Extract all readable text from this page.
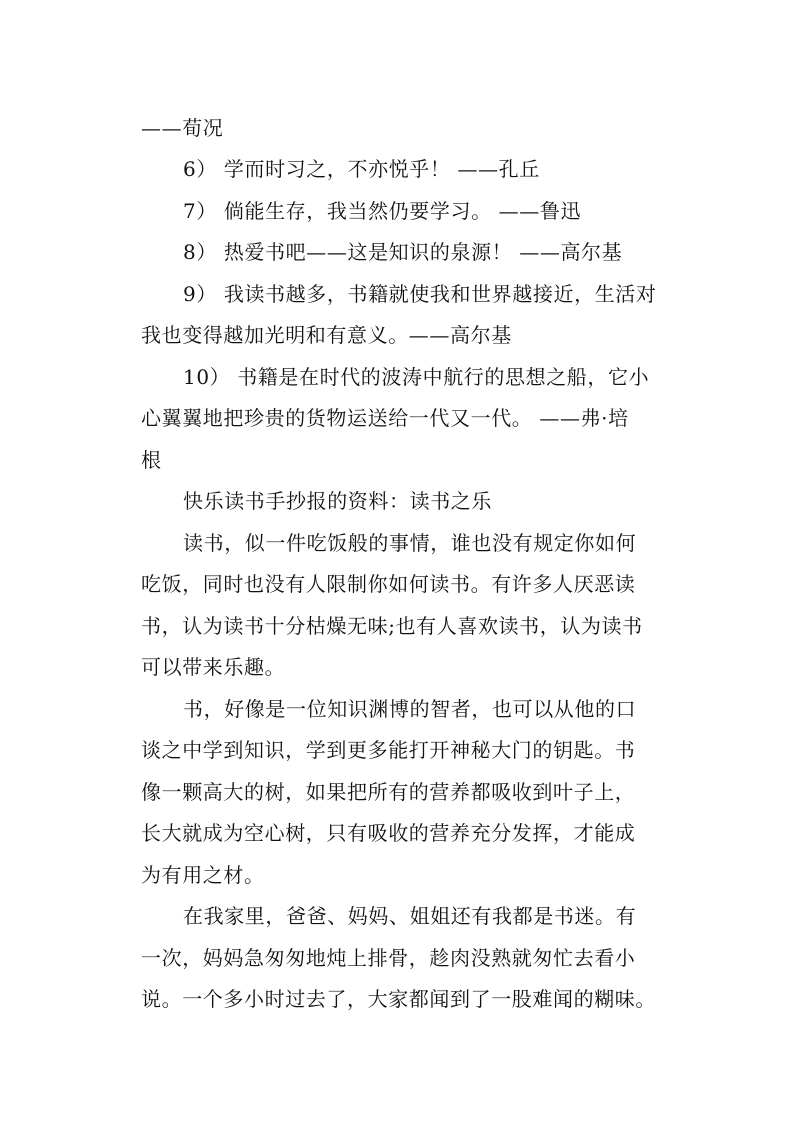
——荀况
6） 学而时习之，不亦悦乎！ ——孔丘
7） 倘能生存，我当然仍要学习。 ——鲁迅
8） 热爱书吧——这是知识的泉源！ ——高尔基
9） 我读书越多，书籍就使我和世界越接近，生活对
我也变得越加光明和有意义。——高尔基
10） 书籍是在时代的波涛中航行的思想之船，它小
心翼翼地把珍贵的货物运送给一代又一代。 ——弗·培
根
快乐读书手抄报的资料：读书之乐
读书，似一件吃饭般的事情，谁也没有规定你如何
吃饭，同时也没有人限制你如何读书。有许多人厌恶读
书，认为读书十分枯燥无味;也有人喜欢读书，认为读书
可以带来乐趣。
书，好像是一位知识渊博的智者，也可以从他的口
谈之中学到知识，学到更多能打开神秘大门的钥匙。书
像一颗高大的树，如果把所有的营养都吸收到叶子上，
长大就成为空心树，只有吸收的营养充分发挥，才能成
为有用之材。
在我家里，爸爸、妈妈、姐姐还有我都是书迷。有
一次，妈妈急匆匆地炖上排骨，趁肉没熟就匆忙去看小
说。一个多小时过去了，大家都闻到了一股难闻的糊味。
